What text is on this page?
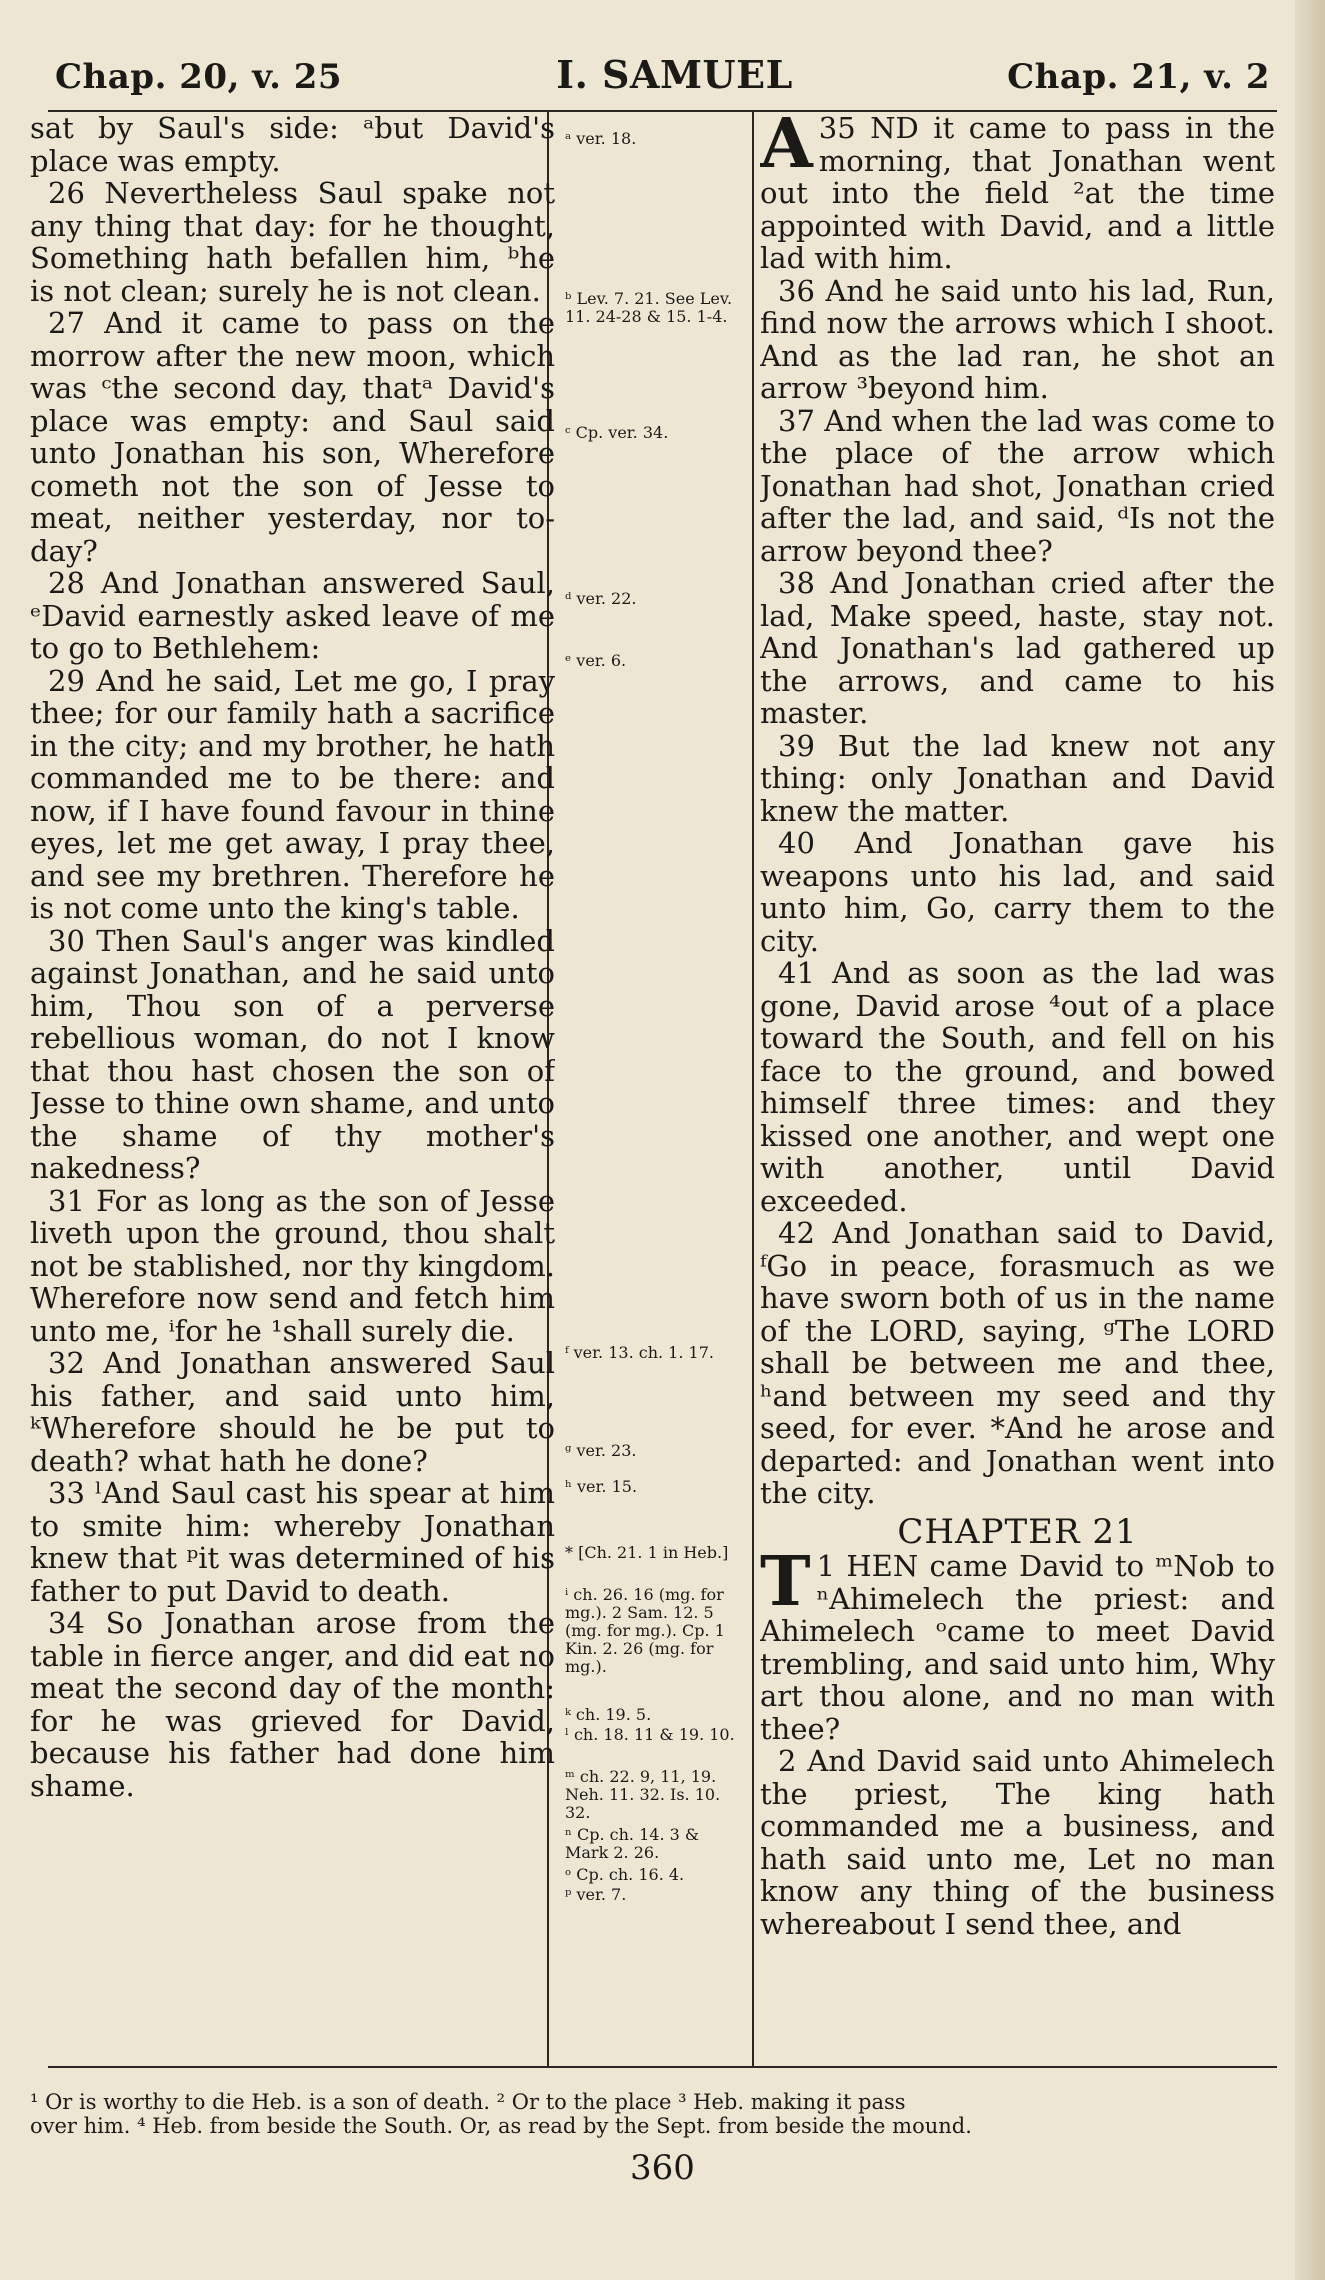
Chap. 20, v. 25	I. SAMUEL	Chap. 21, v. 2

sat by Saul's side: ᵃbut David's place was empty.

26 Nevertheless Saul spake not any thing that day: for he thought, Something hath befallen him, ᵇhe is not clean; surely he is not clean.

27 And it came to pass on the morrow after the new moon, which was ᶜthe second day, thatᵃ David's place was empty: and Saul said unto Jonathan his son, Wherefore cometh not the son of Jesse to meat, neither yesterday, nor to-day?

28 And Jonathan answered Saul, ᵉDavid earnestly asked leave of me to go to Bethlehem:

29 And he said, Let me go, I pray thee; for our family hath a sacrifice in the city; and my brother, he hath commanded me to be there: and now, if I have found favour in thine eyes, let me get away, I pray thee, and see my brethren. Therefore he is not come unto the king's table.

30 Then Saul's anger was kindled against Jonathan, and he said unto him, Thou son of a perverse rebellious woman, do not I know that thou hast chosen the son of Jesse to thine own shame, and unto the shame of thy mother's nakedness?

31 For as long as the son of Jesse liveth upon the ground, thou shalt not be stablished, nor thy kingdom. Wherefore now send and fetch him unto me, ⁱfor he ¹shall surely die.

32 And Jonathan answered Saul his father, and said unto him, ᵏWherefore should he be put to death? what hath he done?

33 ˡAnd Saul cast his spear at him to smite him: whereby Jonathan knew that ᵖit was determined of his father to put David to death.

34 So Jonathan arose from the table in fierce anger, and did eat no meat the second day of the month: for he was grieved for David, because his father had done him shame.

ᵃ ver. 18.
ᵇ Lev. 7. 21. See Lev. 11. 24-28 & 15. 1-4.
ᶜ Cp. ver. 34.
ᵈ ver. 22.
ᵉ ver. 6.
ᶠ ver. 13. ch. 1. 17.
ᵍ ver. 23.
ʰ ver. 15.
* [Ch. 21. 1 in Heb.]
ⁱ ch. 26. 16 (mg. for mg.). 2 Sam. 12. 5 (mg. for mg.). Cp. 1 Kin. 2. 26 (mg. for mg.).
ᵏ ch. 19. 5.
ˡ ch. 18. 11 & 19. 10.
ᵐ ch. 22. 9, 11, 19. Neh. 11. 32. Is. 10. 32.
ⁿ Cp. ch. 14. 3 & Mark 2. 26.
ᵒ Cp. ch. 16. 4.
ᵖ ver. 7.

35
A ND it came to pass in the morning, that Jonathan went out into the field ²at the time appointed with David, and a little lad with him.

36 And he said unto his lad, Run, find now the arrows which I shoot. And as the lad ran, he shot an arrow ³beyond him.

37 And when the lad was come to the place of the arrow which Jonathan had shot, Jonathan cried after the lad, and said, ᵈIs not the arrow beyond thee?

38 And Jonathan cried after the lad, Make speed, haste, stay not. And Jonathan's lad gathered up the arrows, and came to his master.

39 But the lad knew not any thing: only Jonathan and David knew the matter.

40 And Jonathan gave his weapons unto his lad, and said unto him, Go, carry them to the city.

41 And as soon as the lad was gone, David arose ⁴out of a place toward the South, and fell on his face to the ground, and bowed himself three times: and they kissed one another, and wept one with another, until David exceeded.

42 And Jonathan said to David, ᶠGo in peace, forasmuch as we have sworn both of us in the name of the LORD, saying, ᵍThe LORD shall be between me and thee, ʰand between my seed and thy seed, for ever. *And he arose and departed: and Jonathan went into the city.

CHAPTER 21

1
T HEN came David to ᵐNob to ⁿAhimelech the priest: and Ahimelech ᵒcame to meet David trembling, and said unto him, Why art thou alone, and no man with thee?

2 And David said unto Ahimelech the priest, The king hath commanded me a business, and hath said unto me, Let no man know any thing of the business whereabout I send thee, and

¹ Or is worthy to die Heb. is a son of death. ² Or to the place ³ Heb. making it pass
over him. ⁴ Heb. from beside the South. Or, as read by the Sept. from beside the mound.
360
